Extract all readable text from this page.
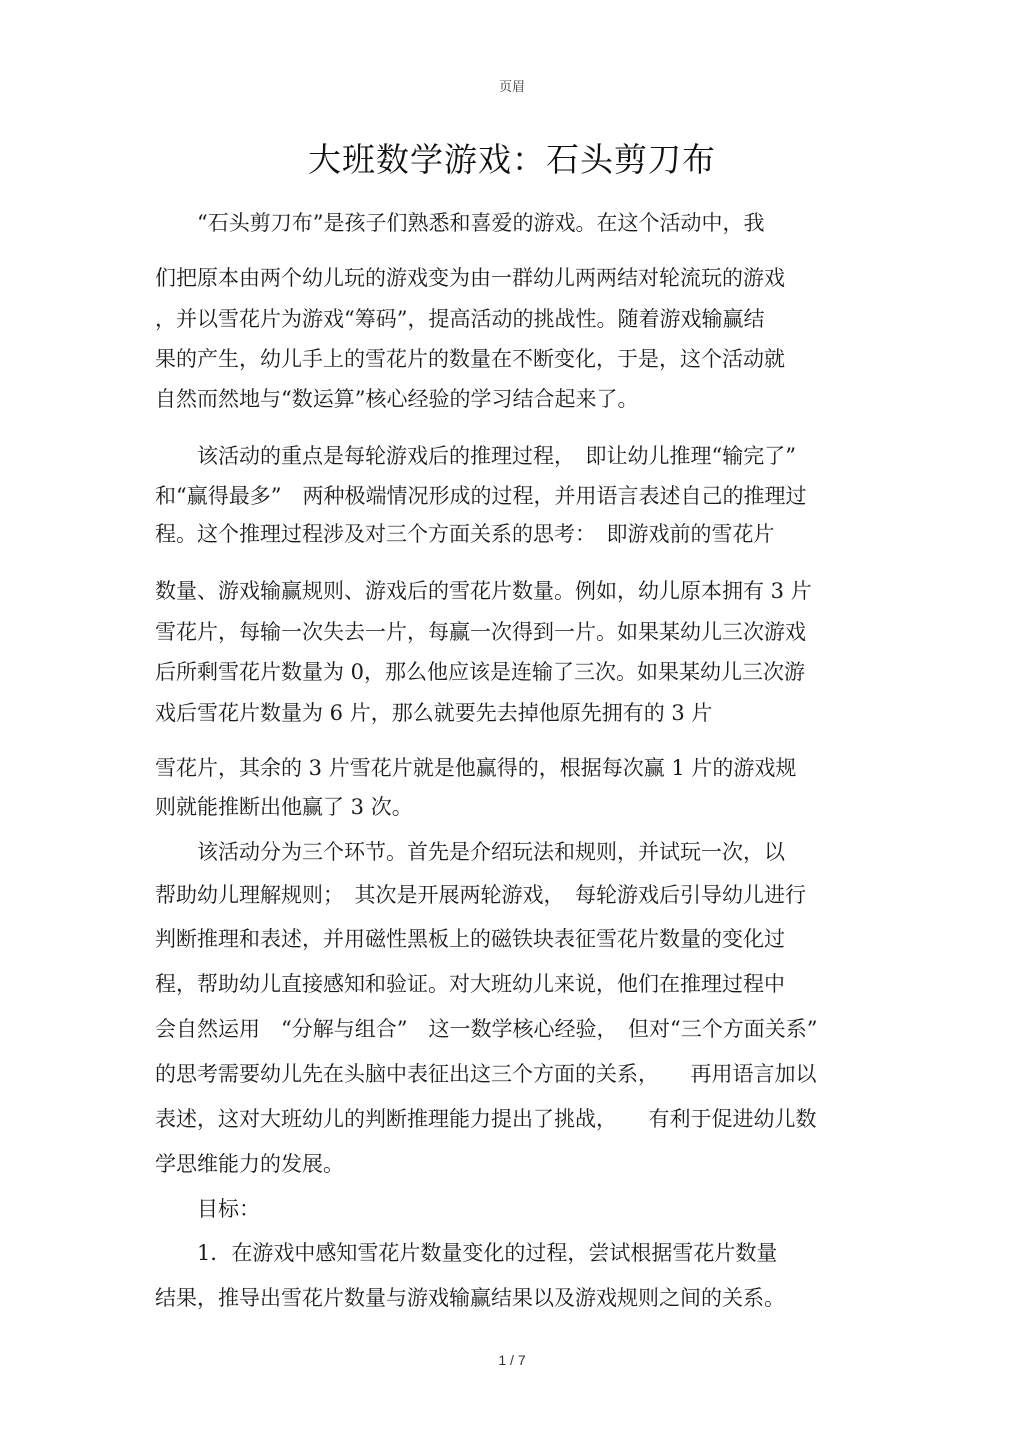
页眉
大班数学游戏：石头剪刀布
　　“石头剪刀布”是孩子们熟悉和喜爱的游戏。在这个活动中，我
们把原本由两个幼儿玩的游戏变为由一群幼儿两两结对轮流玩的游戏
，并以雪花片为游戏“筹码”，提高活动的挑战性。随着游戏输赢结
果的产生，幼儿手上的雪花片的数量在不断变化，于是，这个活动就
自然而然地与“数运算”核心经验的学习结合起来了。
　　该活动的重点是每轮游戏后的推理过程，　即让幼儿推理“输完了”
和“赢得最多”　两种极端情况形成的过程，并用语言表述自己的推理过
程。这个推理过程涉及对三个方面关系的思考：　即游戏前的雪花片
数量、游戏输赢规则、游戏后的雪花片数量。例如，幼儿原本拥有 3 片
雪花片，每输一次失去一片，每赢一次得到一片。如果某幼儿三次游戏
后所剩雪花片数量为 0，那么他应该是连输了三次。如果某幼儿三次游
戏后雪花片数量为 6 片，那么就要先去掉他原先拥有的 3 片
雪花片，其余的 3 片雪花片就是他赢得的，根据每次赢 1 片的游戏规
则就能推断出他赢了 3 次。
　　该活动分为三个环节。首先是介绍玩法和规则，并试玩一次，以
帮助幼儿理解规则；　其次是开展两轮游戏，　每轮游戏后引导幼儿进行
判断推理和表述，并用磁性黑板上的磁铁块表征雪花片数量的变化过
程，帮助幼儿直接感知和验证。对大班幼儿来说，他们在推理过程中
会自然运用　“分解与组合”　这一数学核心经验，　但对“三个方面关系”
的思考需要幼儿先在头脑中表征出这三个方面的关系，　　再用语言加以
表述，这对大班幼儿的判断推理能力提出了挑战，　　有利于促进幼儿数
学思维能力的发展。
　　目标：
　　1．在游戏中感知雪花片数量变化的过程，尝试根据雪花片数量
结果，推导出雪花片数量与游戏输赢结果以及游戏规则之间的关系。
1 / 7
